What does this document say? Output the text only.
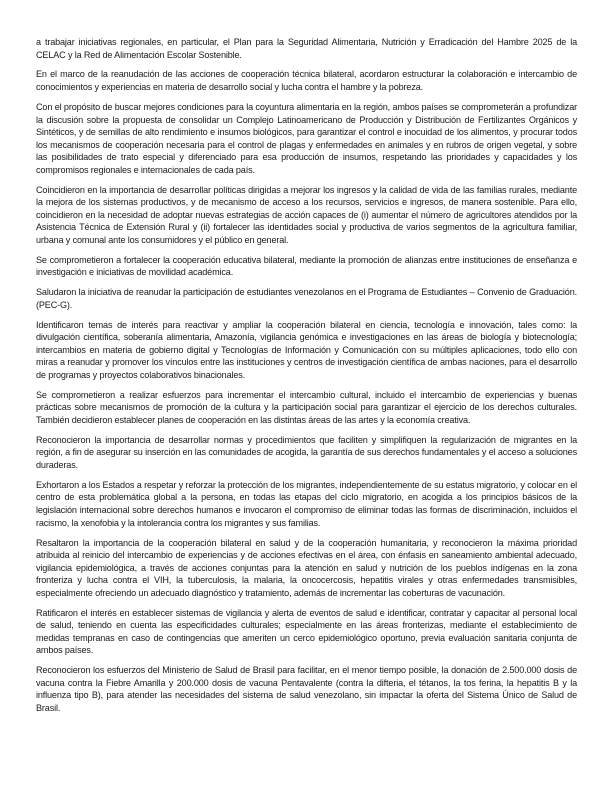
a trabajar iniciativas regionales, en particular, el Plan para la Seguridad Alimentaria, Nutrición y Erradicación del Hambre 2025 de la CELAC y la Red de Alimentación Escolar Sostenible.

En el marco de la reanudación de las acciones de cooperación técnica bilateral, acordaron estructurar la colaboración e intercambio de conocimientos y experiencias en materia de desarrollo social y lucha contra el hambre y la pobreza.

Con el propósito de buscar mejores condiciones para la coyuntura alimentaria en la región, ambos países se comprometerán a profundizar la discusión sobre la propuesta de consolidar un Complejo Latinoamericano de Producción y Distribución de Fertilizantes Orgánicos y Sintéticos, y de semillas de alto rendimiento e insumos biológicos, para garantizar el control e inocuidad de los alimentos, y procurar todos los mecanismos de cooperación necesaria para el control de plagas y enfermedades en animales y en rubros de origen vegetal, y sobre las posibilidades de trato especial y diferenciado para esa producción de insumos, respetando las prioridades y capacidades y los compromisos regionales e internacionales de cada país.

Coincidieron en la importancia de desarrollar políticas dirigidas a mejorar los ingresos y la calidad de vida de las familias rurales, mediante la mejora de los sistemas productivos, y de mecanismo de acceso a los recursos, servicios e ingresos, de manera sostenible. Para ello, coincidieron en la necesidad de adoptar nuevas estrategias de acción capaces de (i) aumentar el número de agricultores atendidos por la Asistencia Técnica de Extensión Rural y (ii) fortalecer las identidades social y productiva de varios segmentos de la agricultura familiar, urbana y comunal ante los consumidores y el público en general.

Se comprometieron a fortalecer la cooperación educativa bilateral, mediante la promoción de alianzas entre instituciones de enseñanza e investigación e iniciativas de movilidad académica.

Saludaron la iniciativa de reanudar la participación de estudiantes venezolanos en el Programa de Estudiantes – Convenio de Graduación. (PEC-G).

Identificaron temas de interés para reactivar y ampliar la cooperación bilateral en ciencia, tecnología e innovación, tales como: la divulgación científica, soberanía alimentaria, Amazonía, vigilancia genómica e investigaciones en las áreas de biología y biotecnología; intercambios en materia de gobierno digital y Tecnologías de Información y Comunicación con su múltiples aplicaciones, todo ello con miras a reanudar y promover los vínculos entre las instituciones y centros de investigación científica de ambas naciones, para el desarrollo de programas y proyectos colaborativos binacionales.

Se comprometieron a realizar esfuerzos para incrementar el intercambio cultural, incluido el intercambio de experiencias y buenas prácticas sobre mecanismos de promoción de la cultura y la participación social para garantizar el ejercicio de los derechos culturales. También decidieron establecer planes de cooperación en las distintas áreas de las artes y la economía creativa.

Reconocieron la importancia de desarrollar normas y procedimientos que faciliten y simplifiquen la regularización de migrantes en la región, a fin de asegurar su inserción en las comunidades de acogida, la garantía de sus derechos fundamentales y el acceso a soluciones duraderas.

Exhortaron a los Estados a respetar y reforzar la protección de los migrantes, independientemente de su estatus migratorio, y colocar en el centro de esta problemática global a la persona, en todas las etapas del ciclo migratorio, en acogida a los principios básicos de la legislación internacional sobre derechos humanos e invocaron el compromiso de eliminar todas las formas de discriminación, incluidos el racismo, la xenofobia y la intolerancia contra los migrantes y sus familias.

Resaltaron la importancia de la cooperación bilateral en salud y de la cooperación humanitaria, y reconocieron la máxima prioridad atribuida al reinicio del intercambio de experiencias y de acciones efectivas en el área, con énfasis en saneamiento ambiental adecuado, vigilancia epidemiológica, a través de acciones conjuntas para la atención en salud y nutrición de los pueblos indígenas en la zona fronteriza y lucha contra el VIH, la tuberculosis, la malaria, la oncocercosis, hepatitis virales y otras enfermedades transmisibles, especialmente ofreciendo un adecuado diagnóstico y tratamiento, además de incrementar las coberturas de vacunación.

Ratificaron el interés en establecer sistemas de vigilancia y alerta de eventos de salud e identificar, contratar y capacitar al personal local de salud, teniendo en cuenta las especificidades culturales; especialmente en las áreas fronterizas, mediante el establecimiento de medidas tempranas en caso de contingencias que ameriten un cerco epidemiológico oportuno, previa evaluación sanitaria conjunta de ambos países.

Reconocieron los esfuerzos del Ministerio de Salud de Brasil para facilitar, en el menor tiempo posible, la donación de 2.500.000 dosis de vacuna contra la Fiebre Amarilla y 200.000 dosis de vacuna Pentavalente (contra la difteria, el tétanos, la tos ferina, la hepatitis B y la influenza tipo B), para atender las necesidades del sistema de salud venezolano, sin impactar la oferta del Sistema Único de Salud de Brasil.
